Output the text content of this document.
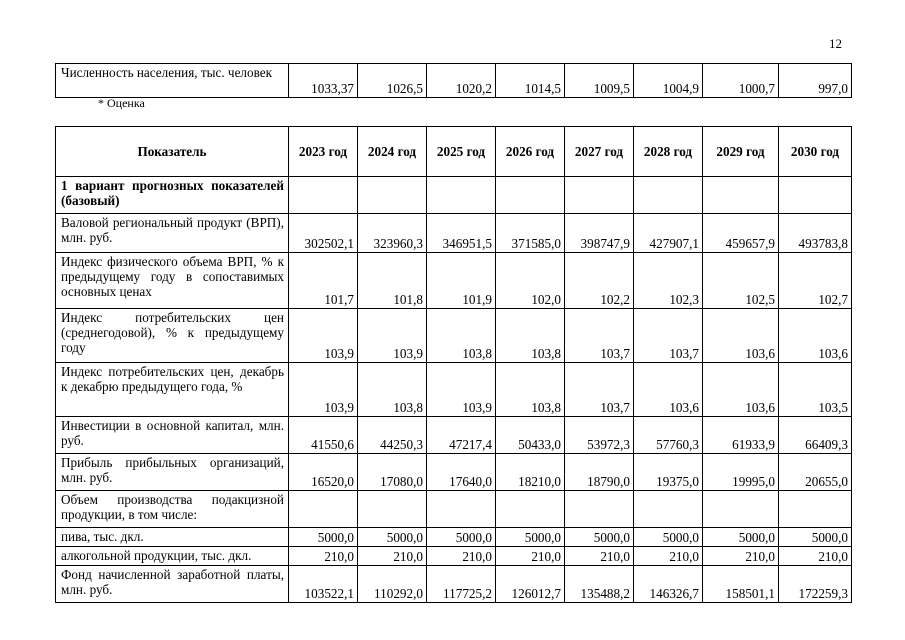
12
Численность населения, тыс. человек	1033,37	1026,5	1020,2	1014,5	1009,5	1004,9	1000,7	997,0
* Оценка
Показатель	2023 год	2024 год	2025 год	2026 год	2027 год	2028 год	2029 год	2030 год
1 вариант прогнозных показателей (базовый)								
Валовой региональный продукт (ВРП), млн. руб.	302502,1	323960,3	346951,5	371585,0	398747,9	427907,1	459657,9	493783,8
Индекс физического объема ВРП, % к предыдущему году в сопоставимых основных ценах	101,7	101,8	101,9	102,0	102,2	102,3	102,5	102,7
Индекс потребительских цен (среднегодовой), % к предыдущему году	103,9	103,9	103,8	103,8	103,7	103,7	103,6	103,6
Индекс потребительских цен, декабрь к декабрю предыдущего года, %	103,9	103,8	103,9	103,8	103,7	103,6	103,6	103,5
Инвестиции в основной капитал, млн. руб.	41550,6	44250,3	47217,4	50433,0	53972,3	57760,3	61933,9	66409,3
Прибыль прибыльных организаций, млн. руб.	16520,0	17080,0	17640,0	18210,0	18790,0	19375,0	19995,0	20655,0
Объем производства подакцизной продукции, в том числе:								
пива, тыс. дкл.	5000,0	5000,0	5000,0	5000,0	5000,0	5000,0	5000,0	5000,0
алкогольной продукции, тыс. дкл.	210,0	210,0	210,0	210,0	210,0	210,0	210,0	210,0
Фонд начисленной заработной платы, млн. руб.	103522,1	110292,0	117725,2	126012,7	135488,2	146326,7	158501,1	172259,3
